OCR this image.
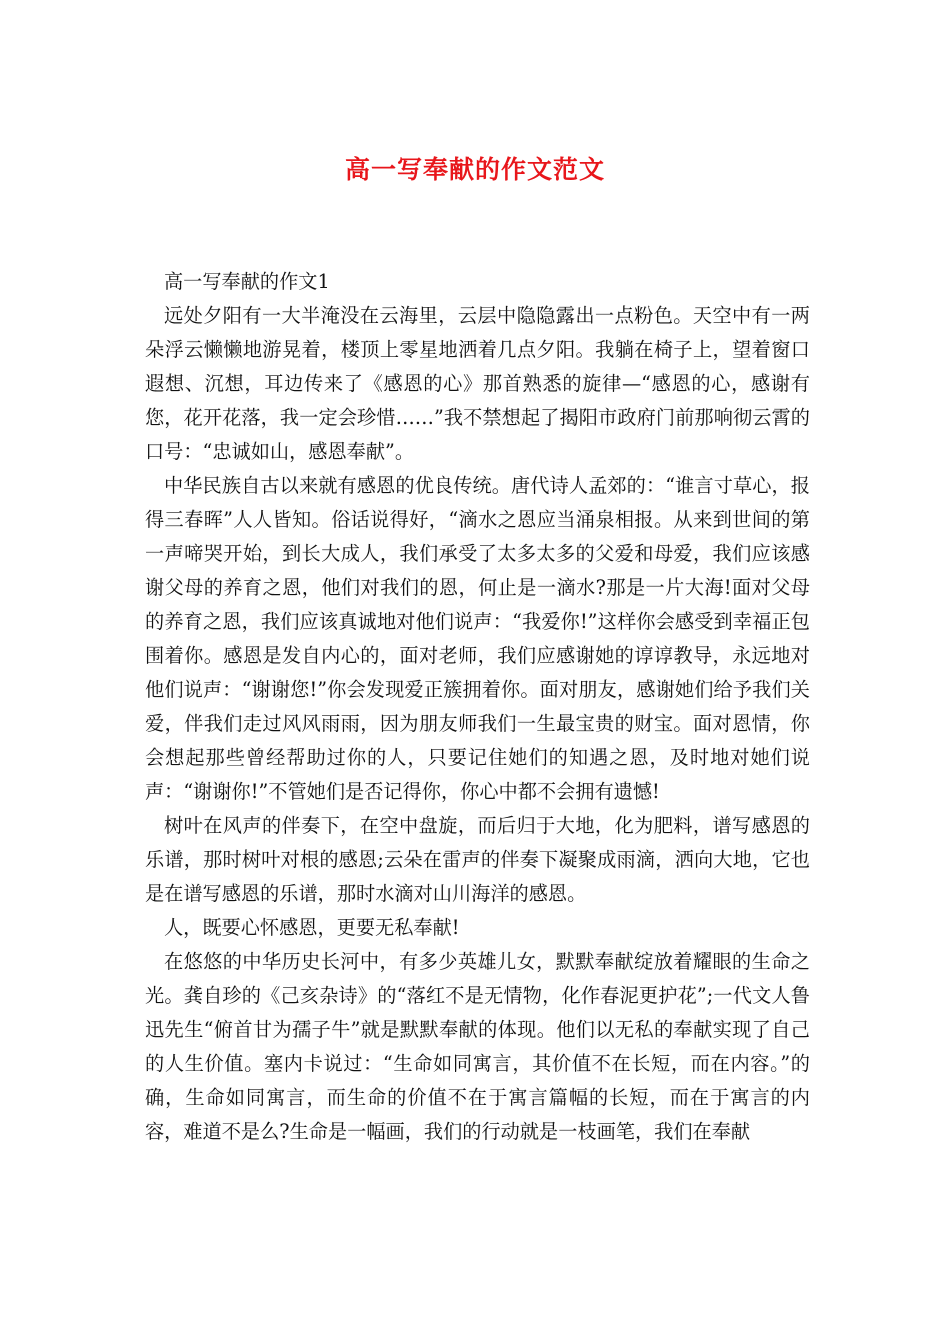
高一写奉献的作文范文

高一写奉献的作文1

远处夕阳有一大半淹没在云海里，云层中隐隐露出一点粉色。天空中有一两朵浮云懒懒地游晃着，楼顶上零星地洒着几点夕阳。我躺在椅子上，望着窗口遐想、沉想，耳边传来了《感恩的心》那首熟悉的旋律—“感恩的心，感谢有您，花开花落，我一定会珍惜……”我不禁想起了揭阳市政府门前那响彻云霄的口号：“忠诚如山，感恩奉献”。

中华民族自古以来就有感恩的优良传统。唐代诗人孟郊的：“谁言寸草心，报得三春晖”人人皆知。俗话说得好，“滴水之恩应当涌泉相报。从来到世间的第一声啼哭开始，到长大成人，我们承受了太多太多的父爱和母爱，我们应该感谢父母的养育之恩，他们对我们的恩，何止是一滴水?那是一片大海!面对父母的养育之恩，我们应该真诚地对他们说声：“我爱你!”这样你会感受到幸福正包围着你。感恩是发自内心的，面对老师，我们应感谢她的谆谆教导，永远地对他们说声：“谢谢您!”你会发现爱正簇拥着你。面对朋友，感谢她们给予我们关爱，伴我们走过风风雨雨，因为朋友师我们一生最宝贵的财宝。面对恩情，你会想起那些曾经帮助过你的人，只要记住她们的知遇之恩，及时地对她们说声：“谢谢你!”不管她们是否记得你，你心中都不会拥有遗憾!

树叶在风声的伴奏下，在空中盘旋，而后归于大地，化为肥料，谱写感恩的乐谱，那时树叶对根的感恩;云朵在雷声的伴奏下凝聚成雨滴，洒向大地，它也是在谱写感恩的乐谱，那时水滴对山川海洋的感恩。

人，既要心怀感恩，更要无私奉献!

在悠悠的中华历史长河中，有多少英雄儿女，默默奉献绽放着耀眼的生命之光。龚自珍的《己亥杂诗》的“落红不是无情物，化作春泥更护花”;一代文人鲁迅先生“俯首甘为孺子牛”就是默默奉献的体现。他们以无私的奉献实现了自己的人生价值。塞内卡说过：“生命如同寓言，其价值不在长短，而在内容。”的确，生命如同寓言，而生命的价值不在于寓言篇幅的长短，而在于寓言的内容，难道不是么?生命是一幅画，我们的行动就是一枝画笔，我们在奉献
